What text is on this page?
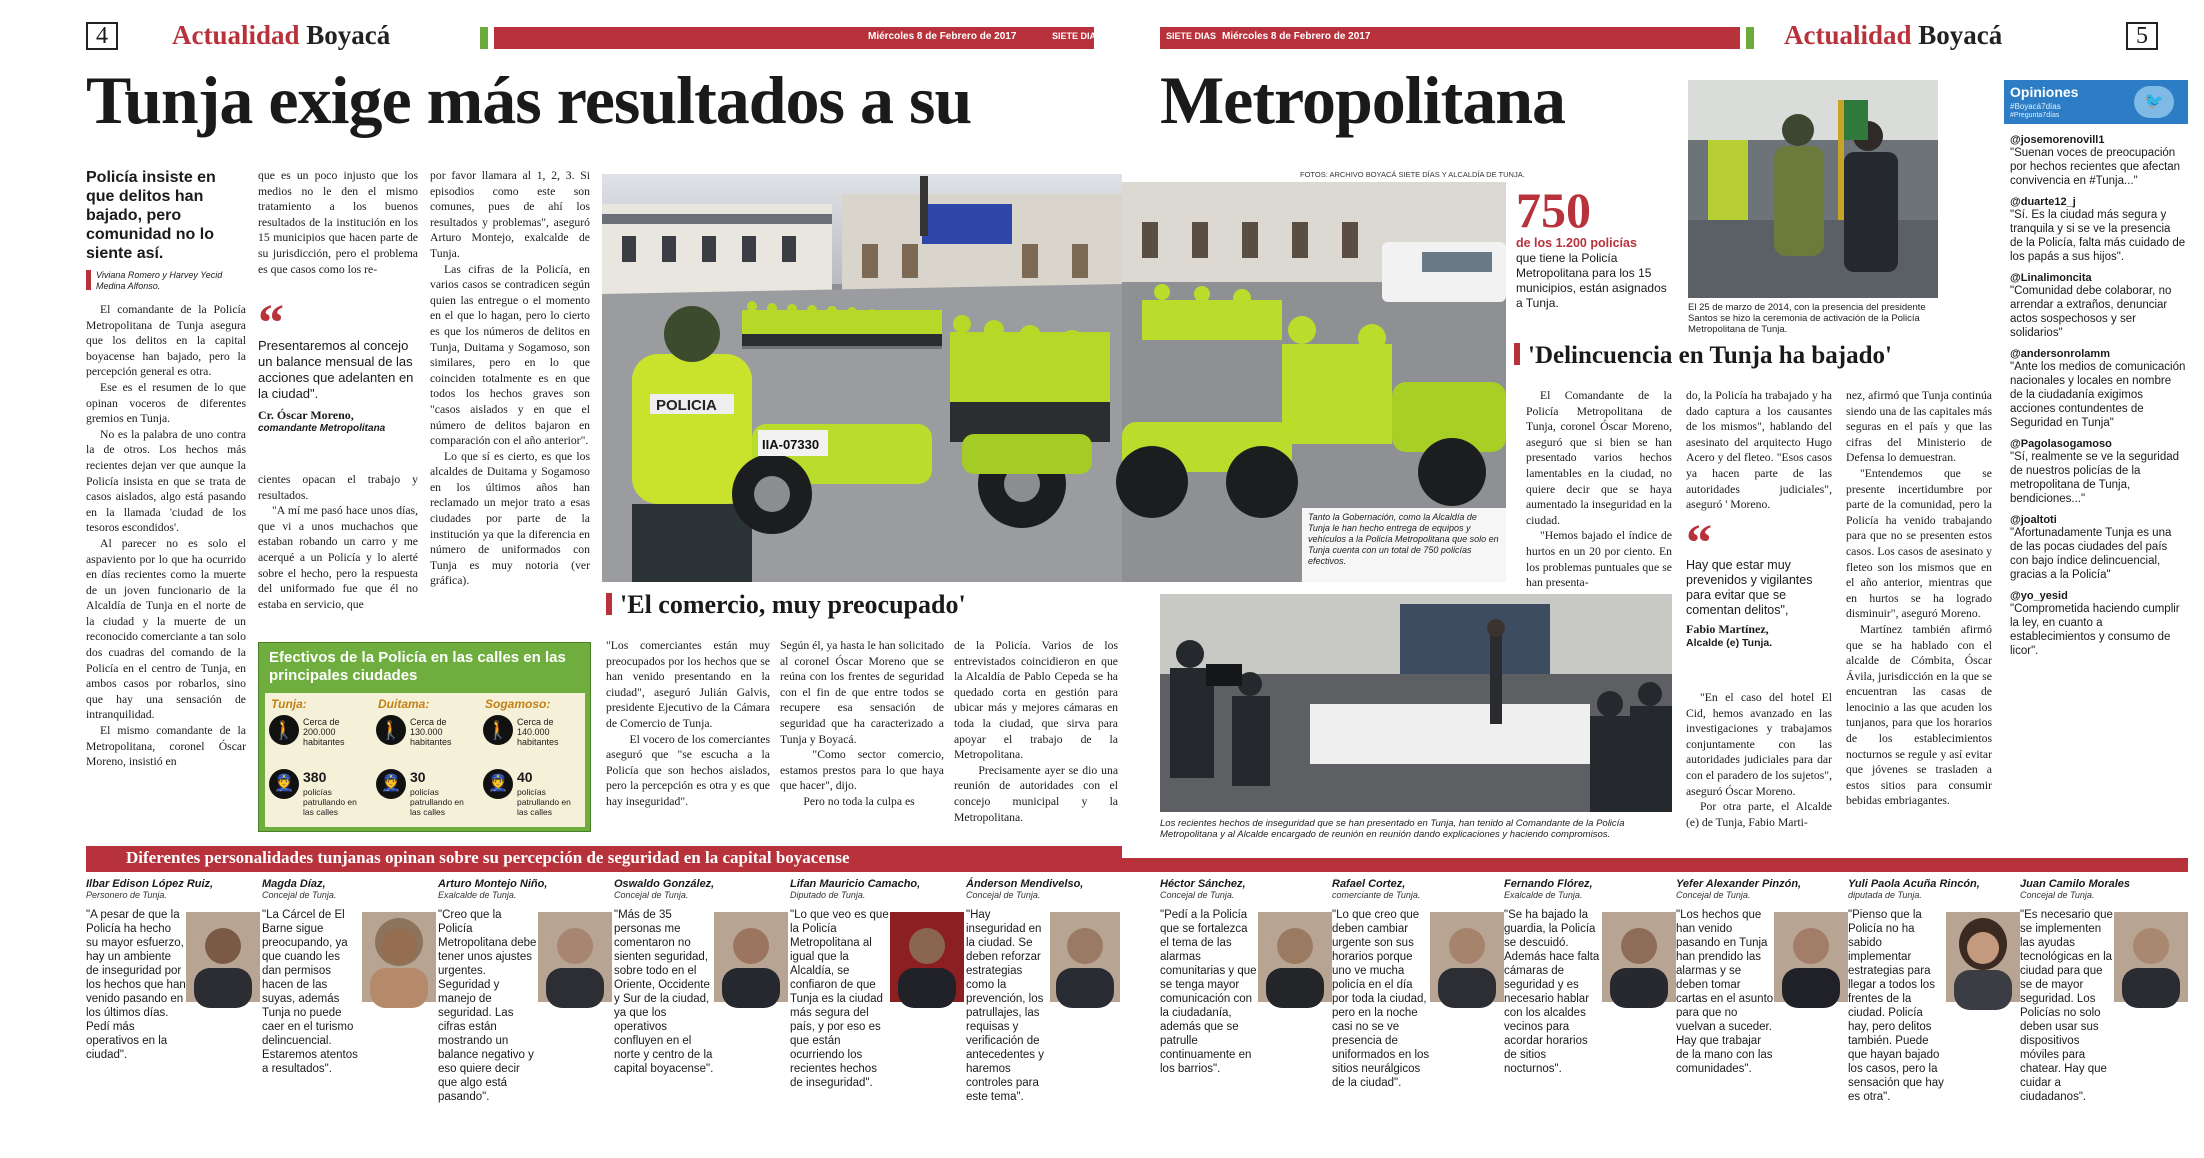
4	Actualidad Boyacá	Miércoles 8 de Febrero de 2017	SIETE DIAS
Tunja exige más resultados a su
Policía insiste en que delitos han bajado, pero comunidad no lo siente así.
Viviana Romero y Harvey Yecid Medina Alfonso.

El comandante de la Policía Metropolitana de Tunja asegura que los delitos en la capital boyacense han bajado, pero la percepción general es otra.

Ese es el resumen de lo que opinan voceros de diferentes gremios en Tunja.

No es la palabra de uno contra la de otros. Los hechos más recientes dejan ver que aunque la Policía insista en que se trata de casos aislados, algo está pasando en la llamada 'ciudad de los tesoros escondidos'.

Al parecer no es solo el aspaviento por lo que ha ocurrido en días recientes como la muerte de un joven funcionario de la Alcaldía de Tunja en el norte de la ciudad y la muerte de un reconocido comerciante a tan solo dos cuadras del comando de la Policía en el centro de Tunja, en ambos casos por robarlos, sino que hay una sensación de intranquilidad.

El mismo comandante de la Metropolitana, coronel Óscar Moreno, insistió en

que es un poco injusto que los medios no le den el mismo tratamiento a los buenos resultados de la institución en los 15 municipios que hacen parte de su jurisdicción, pero el problema es que casos como los re-

“
Presentaremos al concejo un balance mensual de las acciones que adelanten en la ciudad".
Cr. Óscar Moreno,
comandante Metropolitana

cientes opacan el trabajo y resultados.

"A mí me pasó hace unos días, que vi a unos muchachos que estaban robando un carro y me acerqué a un Policía y lo alerté sobre el hecho, pero la respuesta del uniformado fue que él no estaba en servicio, que

por favor llamara al 1, 2, 3. Si episodios como este son comunes, pues de ahí los resultados y problemas", aseguró Arturo Montejo, exalcalde de Tunja.

Las cifras de la Policía, en varios casos se contradicen según quien las entregue o el momento en el que lo hagan, pero lo cierto es que los números de delitos en Tunja, Duitama y Sogamoso, son similares, pero en lo que coinciden totalmente es en que todos los hechos graves son "casos aislados y en que el número de delitos bajaron en comparación con el año anterior".

Lo que sí es cierto, es que los alcaldes de Duitama y Sogamoso en los últimos años han reclamado un mejor trato a esas ciudades por parte de la institución ya que la diferencia en número de uniformados con Tunja es muy notoria (ver gráfica).

POLICIA
IIA-07330
Efectivos de la Policía en las calles en las principales ciudades
Tunja:
🚶 Cerca de 200.000
habitantes
👮 380
policías patrullando en las calles
Duitama:
🚶 Cerca de 130.000
habitantes
👮 30
policías patrullando en las calles
Sogamoso:
🚶 Cerca de 140.000
habitantes
👮 40
policías patrullando en las calles
'El comercio, muy preocupado'
"Los comerciantes están muy preocupados por los hechos que se han venido presentando en la ciudad", aseguró Julián Galvis, presidente Ejecutivo de la Cámara de Comercio de Tunja.
	El vocero de los comerciantes aseguró que "se escucha a la Policía que son hechos aislados, pero la percepción es otra y es que hay inseguridad".
Según él, ya hasta le han solicitado al coronel Óscar Moreno que se reúna con los frentes de seguridad con el fin de que entre todos se recupere esa sensación de seguridad que ha caracterizado a Tunja y Boyacá.
	"Como sector comercio, estamos prestos para lo que haya que hacer", dijo.
	Pero no toda la culpa es
de la Policía. Varios de los entrevistados coincidieron en que la Alcaldía de Pablo Cepeda se ha quedado corta en gestión para ubicar más y mejores cámaras en toda la ciudad, que sirva para apoyar el trabajo de la Metropolitana.
	Precisamente ayer se dio una reunión de autoridades con el concejo municipal y la Metropolitana.
SIETE DIAS Miércoles 8 de Febrero de 2017	Actualidad Boyacá	5
Metropolitana
Tanto la Gobernación, como la Alcaldía de Tunja le han hecho entrega de equipos y vehículos a la Policía Metropolitana que solo en Tunja cuenta con un total de 750 policías efectivos.
FOTOS: ARCHIVO BOYACÁ SIETE DÍAS Y ALCALDÍA DE TUNJA.
750
de los 1.200 policías
que tiene la Policía Metropolitana para los 15 municipios, están asignados a Tunja.	El 25 de marzo de 2014, con la presencia del presidente Santos se hizo la ceremonia de activación de la Policía Metropolitana de Tunja.
'Delincuencia en Tunja ha bajado'

El Comandante de la Policía Metropolitana de Tunja, coronel Óscar Moreno, aseguró que si bien se han presentado varios hechos lamentables en la ciudad, no quiere decir que se haya aumentado la inseguridad en la ciudad.

"Hemos bajado el índice de hurtos en un 20 por ciento. En los problemas puntuales que se han presenta-

do, la Policía ha trabajado y ha dado captura a los causantes de los mismos", hablando del asesinato del arquitecto Hugo Acero y del fleteo. "Esos casos ya hacen parte de las autoridades judiciales", aseguró ' Moreno.

“
Hay que estar muy prevenidos y vigilantes para evitar que se comentan delitos",
Fabio Martínez,
Alcalde (e) Tunja.

"En el caso del hotel El Cid, hemos avanzado en las investigaciones y trabajamos conjuntamente con las autoridades judiciales para dar con el paradero de los sujetos", aseguró Óscar Moreno.

Por otra parte, el Alcalde (e) de Tunja, Fabio Marti-

nez, afirmó que Tunja continúa siendo una de las capitales más seguras en el país y que las cifras del Ministerio de Defensa lo demuestran.

"Entendemos que se presente incertidumbre por parte de la comunidad, pero la Policía ha venido trabajando para que no se presenten estos casos. Los casos de asesinato y fleteo son los mismos que en el año anterior, mientras que en hurtos se ha logrado disminuir", aseguró Moreno.

Martínez también afirmó que se ha hablado con el alcalde de Cómbita, Óscar Ávila, jurisdicción en la que se encuentran las casas de lenocinio a las que acuden los tunjanos, para que los horarios de los establecimientos nocturnos se regule y así evitar que jóvenes se trasladen a estos sitios para consumir bebidas embriagantes.

Los recientes hechos de inseguridad que se han presentado en Tunja, han tenido al Comandante de la Policía Metropolitana y al Alcalde encargado de reunión en reunión dando explicaciones y haciendo compromisos.
Opiniones
#Boyacá7días
#Pregunta7días
🐦
@josemorenovill1
"Suenan voces de preocupación por hechos recientes que afectan convivencia en #Tunja..."
@duarte12_j
"Sí. Es la ciudad más segura y tranquila y si se ve la presencia de la Policía, falta más cuidado de los papás a sus hijos".
@Linalimoncita
"Comunidad debe colaborar, no arrendar a extraños, denunciar actos sospechosos y ser solidarios"
@andersonrolamm
"Ante los medios de comunicación nacionales y locales en nombre de la ciudadanía exigimos acciones contundentes de Seguridad en Tunja"
@Pagolasogamoso
"Sí, realmente se ve la seguridad de nuestros policías de la metropolitana de Tunja, bendiciones..."
@joaltoti
"Afortunadamente Tunja es una de las pocas ciudades del país con bajo índice delincuencial, gracias a la Policía"
@yo_yesid
"Comprometida haciendo cumplir la ley, en cuanto a establecimientos y consumo de licor".
Diferentes personalidades tunjanas opinan sobre su percepción de seguridad en la capital boyacense
Ilbar Edison López Ruiz,
Personero de Tunja.
"A pesar de que la Policía ha hecho su mayor esfuerzo, hay un ambiente de inseguridad por los hechos que han venido pasando en los últimos días. Pedí más operativos en la ciudad".
Magda Díaz,
Concejal de Tunja.
"La Cárcel de El Barne sigue preocupando, ya que cuando les dan permisos hacen de las suyas, además Tunja no puede caer en el turismo delincuencial. Estaremos atentos a resultados".
Arturo Montejo Niño,
Exalcalde de Tunja.
"Creo que la Policía Metropolitana debe tener unos ajustes urgentes. Seguridad y manejo de seguridad. Las cifras están mostrando un balance negativo y eso quiere decir que algo está pasando".
Oswaldo González,
Concejal de Tunja.
"Más de 35 personas me comentaron no sienten seguridad, sobre todo en el Oriente, Occidente y Sur de la ciudad, ya que los operativos confluyen en el norte y centro de la capital boyacense".
Lifan Mauricio Camacho,
Diputado de Tunja.
"Lo que veo es que la Policía Metropolitana al igual que la Alcaldía, se confiaron de que Tunja es la ciudad más segura del país, y por eso es que están ocurriendo los recientes hechos de inseguridad".
Ánderson Mendivelso,
Concejal de Tunja.
"Hay inseguridad en la ciudad. Se deben reforzar estrategias como la prevención, los patrullajes, las requisas y verificación de antecedentes y haremos controles para este tema".
Héctor Sánchez,
Concejal de Tunja.
"Pedí a la Policía que se fortalezca el tema de las alarmas comunitarias y que se tenga mayor comunicación con la ciudadanía, además que se patrulle continuamente en los barrios".
Rafael Cortez,
comerciante de Tunja.
"Lo que creo que deben cambiar urgente son sus horarios porque uno ve mucha policía en el día por toda la ciudad, pero en la noche casi no se ve presencia de uniformados en los sitios neurálgicos de la ciudad".
Fernando Flórez,
Exalcalde de Tunja.
"Se ha bajado la guardia, la Policía se descuidó. Además hace falta cámaras de seguridad y es necesario hablar con los alcaldes vecinos para acordar horarios de sitios nocturnos".
Yefer Alexander Pinzón,
Concejal de Tunja.
"Los hechos que han venido pasando en Tunja han prendido las alarmas y se deben tomar cartas en el asunto para que no vuelvan a suceder. Hay que trabajar de la mano con las comunidades".
Yuli Paola Acuña Rincón,
diputada de Tunja.
"Pienso que la Policía no ha sabido implementar estrategias para llegar a todos los frentes de la ciudad. Policía hay, pero delitos también. Puede que hayan bajado los casos, pero la sensación que hay es otra".
Juan Camilo Morales
Concejal de Tunja.
"Es necesario que se implementen las ayudas tecnológicas en la ciudad para que se de mayor seguridad. Los Policías no solo deben usar sus dispositivos móviles para chatear. Hay que cuidar a ciudadanos".
